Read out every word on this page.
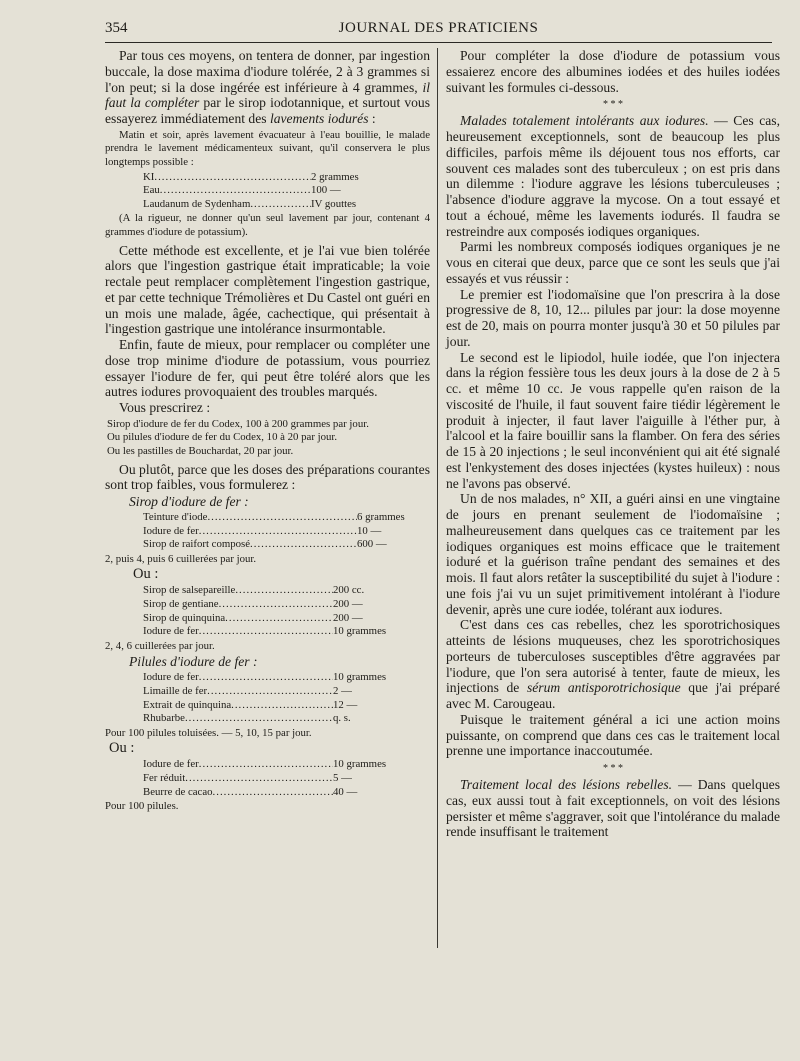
354	JOURNAL DES PRATICIENS

Par tous ces moyens, on tentera de donner, par ingestion buccale, la dose maxima d'iodure tolérée, 2 à 3 grammes si l'on peut; si la dose ingérée est inférieure à 4 grammes, il faut la compléter par le sirop iodotannique, et surtout vous essayerez immédiatement des lavements iodurés :

Matin et soir, après lavement évacuateur à l'eau bouillie, le malade prendra le lavement médicamenteux suivant, qu'il conservera le plus longtemps possible :

KI .....	2 grammes
Eau .....	100 —
Laudanum de Sydenham .....	IV gouttes

(A la rigueur, ne donner qu'un seul lavement par jour, contenant 4 grammes d'iodure de potassium).

Cette méthode est excellente, et je l'ai vue bien tolérée alors que l'ingestion gastrique était impraticable; la voie rectale peut remplacer complètement l'ingestion gastrique, et par cette technique Trémolières et Du Castel ont guéri en un mois une malade, âgée, cachectique, qui présentait à l'ingestion gastrique une intolérance insurmontable.

Enfin, faute de mieux, pour remplacer ou compléter une dose trop minime d'iodure de potassium, vous pourriez essayer l'iodure de fer, qui peut être toléré alors que les autres iodures provoquaient des troubles marqués.

Vous prescrirez :

Sirop d'iodure de fer du Codex, 100 à 200 grammes par jour.

Ou pilules d'iodure de fer du Codex, 10 à 20 par jour.

Ou les pastilles de Bouchardat, 20 par jour.

Ou plutôt, parce que les doses des préparations courantes sont trop faibles, vous formulerez :

Sirop d'iodure de fer :
Teinture d'iode .....	6 grammes
Iodure de fer .....	10 —
Sirop de raifort composé .....	600 —

2, puis 4, puis 6 cuillerées par jour.

Ou :
Sirop de salsepareille .....	200 cc.
Sirop de gentiane .....	200 —
Sirop de quinquina .....	200 —
Iodure de fer .....	10 grammes

2, 4, 6 cuillerées par jour.

Pilules d'iodure de fer :
Iodure de fer .....	10 grammes
Limaille de fer .....	2 —
Extrait de quinquina .....	12 —
Rhubarbe .....	q. s.

Pour 100 pilules toluisées. — 5, 10, 15 par jour.

Ou :
Iodure de fer .....	10 grammes
Fer réduit .....	5 —
Beurre de cacao .....	40 —

Pour 100 pilules.

Pour compléter la dose d'iodure de potassium vous essaierez encore des albumines iodées et des huiles iodées suivant les formules ci-dessous.

* * *

Malades totalement intolérants aux iodures. — Ces cas, heureusement exceptionnels, sont de beaucoup les plus difficiles, parfois même ils déjouent tous nos efforts, car souvent ces malades sont des tuberculeux ; on est pris dans un dilemme : l'iodure aggrave les lésions tuberculeuses ; l'absence d'iodure aggrave la mycose. On a tout essayé et tout a échoué, même les lavements iodurés. Il faudra se restreindre aux composés iodiques organiques.

Parmi les nombreux composés iodiques organiques je ne vous en citerai que deux, parce que ce sont les seuls que j'ai essayés et vus réussir :

Le premier est l'iodomaïsine que l'on prescrira à la dose progressive de 8, 10, 12... pilules par jour: la dose moyenne est de 20, mais on pourra monter jusqu'à 30 et 50 pilules par jour.

Le second est le lipiodol, huile iodée, que l'on injectera dans la région fessière tous les deux jours à la dose de 2 à 5 cc. et même 10 cc. Je vous rappelle qu'en raison de la viscosité de l'huile, il faut souvent faire tiédir légèrement le produit à injecter, il faut laver l'aiguille à l'éther pur, à l'alcool et la faire bouillir sans la flamber. On fera des séries de 15 à 20 injections ; le seul inconvénient qui ait été signalé est l'enkystement des doses injectées (kystes huileux) : nous ne l'avons pas observé.

Un de nos malades, n° XII, a guéri ainsi en une vingtaine de jours en prenant seulement de l'iodomaïsine ; malheureusement dans quelques cas ce traitement par les iodiques organiques est moins efficace que le traitement ioduré et la guérison traîne pendant des semaines et des mois. Il faut alors retâter la susceptibilité du sujet à l'iodure : une fois j'ai vu un sujet primitivement intolérant à l'iodure devenir, après une cure iodée, tolérant aux iodures.

C'est dans ces cas rebelles, chez les sporotrichosiques atteints de lésions muqueuses, chez les sporotrichosiques porteurs de tuberculoses susceptibles d'être aggravées par l'iodure, que l'on sera autorisé à tenter, faute de mieux, les injections de sérum antisporotrichosique que j'ai préparé avec M. Carougeau.

Puisque le traitement général a ici une action moins puissante, on comprend que dans ces cas le traitement local prenne une importance inaccoutumée.

* * *

Traitement local des lésions rebelles. — Dans quelques cas, eux aussi tout à fait exceptionnels, on voit des lésions persister et même s'aggraver, soit que l'intolérance du malade rende insuffisant le traitement
